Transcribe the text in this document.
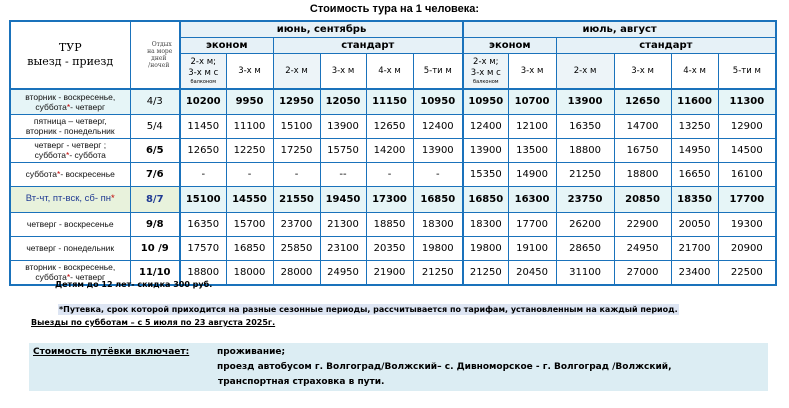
Стоимость тура на 1 человека:
ТУР
выезд - приезд

Отдых
на море
дней
/ночей
	июнь, сентябрь	июль, август
		эконом		стандарт				эконом		стандарт			

		2-х м;
3-х м с
балконом	3-х м	2-х м	3-х м	4-х м	5-ти м	2-х м;
3-х м с
балконом	3-х м	2-х м	3-х м	4-х м	5-ти м

вторник - воскресенье,
суббота*- четверг	4/3	10200	9950	12950	12050	11150	10950	10950	10700	13900	12650	11600	11300

пятница – четверг,
вторник - понедельник	5/4	11450	11100	15100	13900	12650	12400	12400	12100	16350	14700	13250	12900

четверг - четверг ;
суббота*- суббота	6/5	12650	12250	17250	15750	14200	13900	13900	13500	18800	16750	14950	14500

суббота*- воскресенье	7/6	-	-	-	--	-	-	15350	14900	21250	18800	16650	16100

Вт-чт, пт-вск, сб- пн*	8/7	15100	14550	21550	19450	17300	16850	16850	16300	23750	20850	18350	17700

четверг - воскресенье	9/8	16350	15700	23700	21300	18850	18300	18300	17700	26200	22900	20050	19300

четверг - понедельник	10 /9	17570	16850	25850	23100	20350	19800	19800	19100	28650	24950	21700	20900

вторник - воскресенье,
суббота*- четверг	11/10	18800	18000	28000	24950	21900	21250	21250	20450	31100	27000	23400	22500
Детям до 12 лет- скидка 300 руб.
*Путевка, срок которой приходится на разные сезонные периоды, рассчитывается по тарифам, установленным на каждый период.
Выезды по субботам – с 5 июля по 23 августа 2025г.
Стоимость путёвки включает:	проживание;
проезд автобусом г. Волгоград/Волжский– с. Дивноморское - г. Волгоград /Волжский,
транспортная страховка в пути.
